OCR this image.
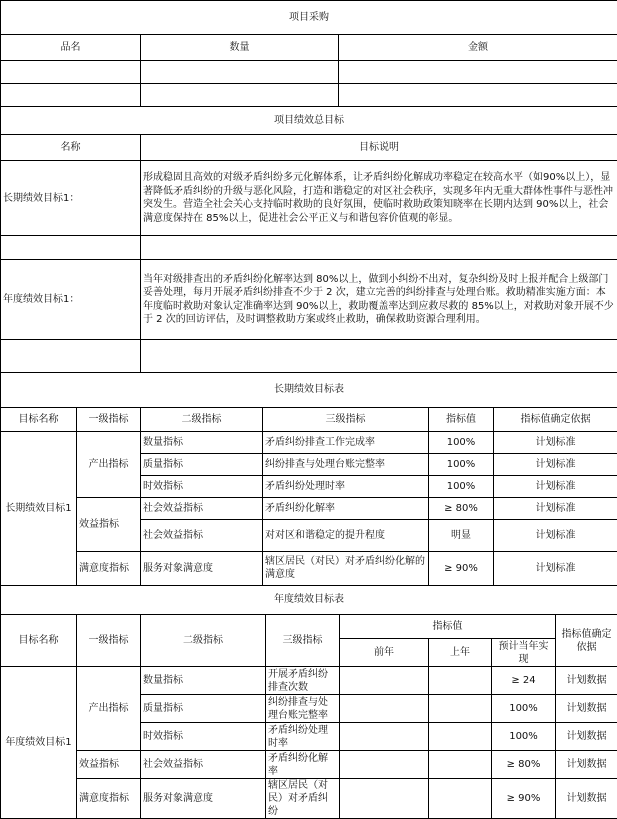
项目采购		
品名	数量	金额

项目绩效总目标		
名称	目标说明	
长期绩效目标1：	形成稳固且高效的对级矛盾纠纷多元化解体系，让矛盾纠纷化解成功率稳定在较高水平（如90%以上），显著降低矛盾纠纷的升级与恶化风险，打造和谐稳定的对区社会秩序，实现多年内无重大群体性事件与恶性冲突发生。营造全社会关心支持临时救助的良好氛围，使临时救助政策知晓率在长期内达到 90%以上，社会满意度保持在 85%以上，促进社会公平正义与和谐包容价值观的彰显。	

年度绩效目标1：	当年对级排查出的矛盾纠纷化解率达到 80%以上，做到小纠纷不出对，复杂纠纷及时上报并配合上级部门妥善处理，每月开展矛盾纠纷排查不少于 2 次，建立完善的纠纷排查与处理台账。救助精准实施方面：本年度临时救助对象认定准确率达到 90%以上，救助覆盖率达到应救尽救的 85%以上，对救助对象开展不少于 2 次的回访评估，及时调整救助方案或终止救助，确保救助资源合理利用。	

长期绩效目标表					
目标名称	一级指标	二级指标	三级指标	指标值	指标值确定依据
长期绩效目标1	产出指标	数量指标	矛盾纠纷排查工作完成率	100%	计划标准
		质量指标	纠纷排查与处理台账完整率	100%	计划标准
		时效指标	矛盾纠纷处理时率	100%	计划标准
	效益指标	社会效益指标	矛盾纠纷化解率	≥ 80%	计划标准
		社会效益指标	对对区和谐稳定的提升程度	明显	计划标准
	满意度指标	服务对象满意度	辖区居民（对民）对矛盾纠纷化解的满意度	≥ 90%	计划标准
年度绩效目标表							
目标名称	一级指标	二级指标	三级指标	指标值			指标值确定依据
				前年	上年	预计当年实现	
年度绩效目标1	产出指标	数量指标	开展矛盾纠纷排查次数			≥ 24	计划数据
		质量指标	纠纷排查与处理台账完整率			100%	计划数据
		时效指标	矛盾纠纷处理时率			100%	计划数据
	效益指标	社会效益指标	矛盾纠纷化解率			≥ 80%	计划数据
	满意度指标	服务对象满意度	辖区居民（对民）对矛盾纠纷			≥ 90%	计划数据
